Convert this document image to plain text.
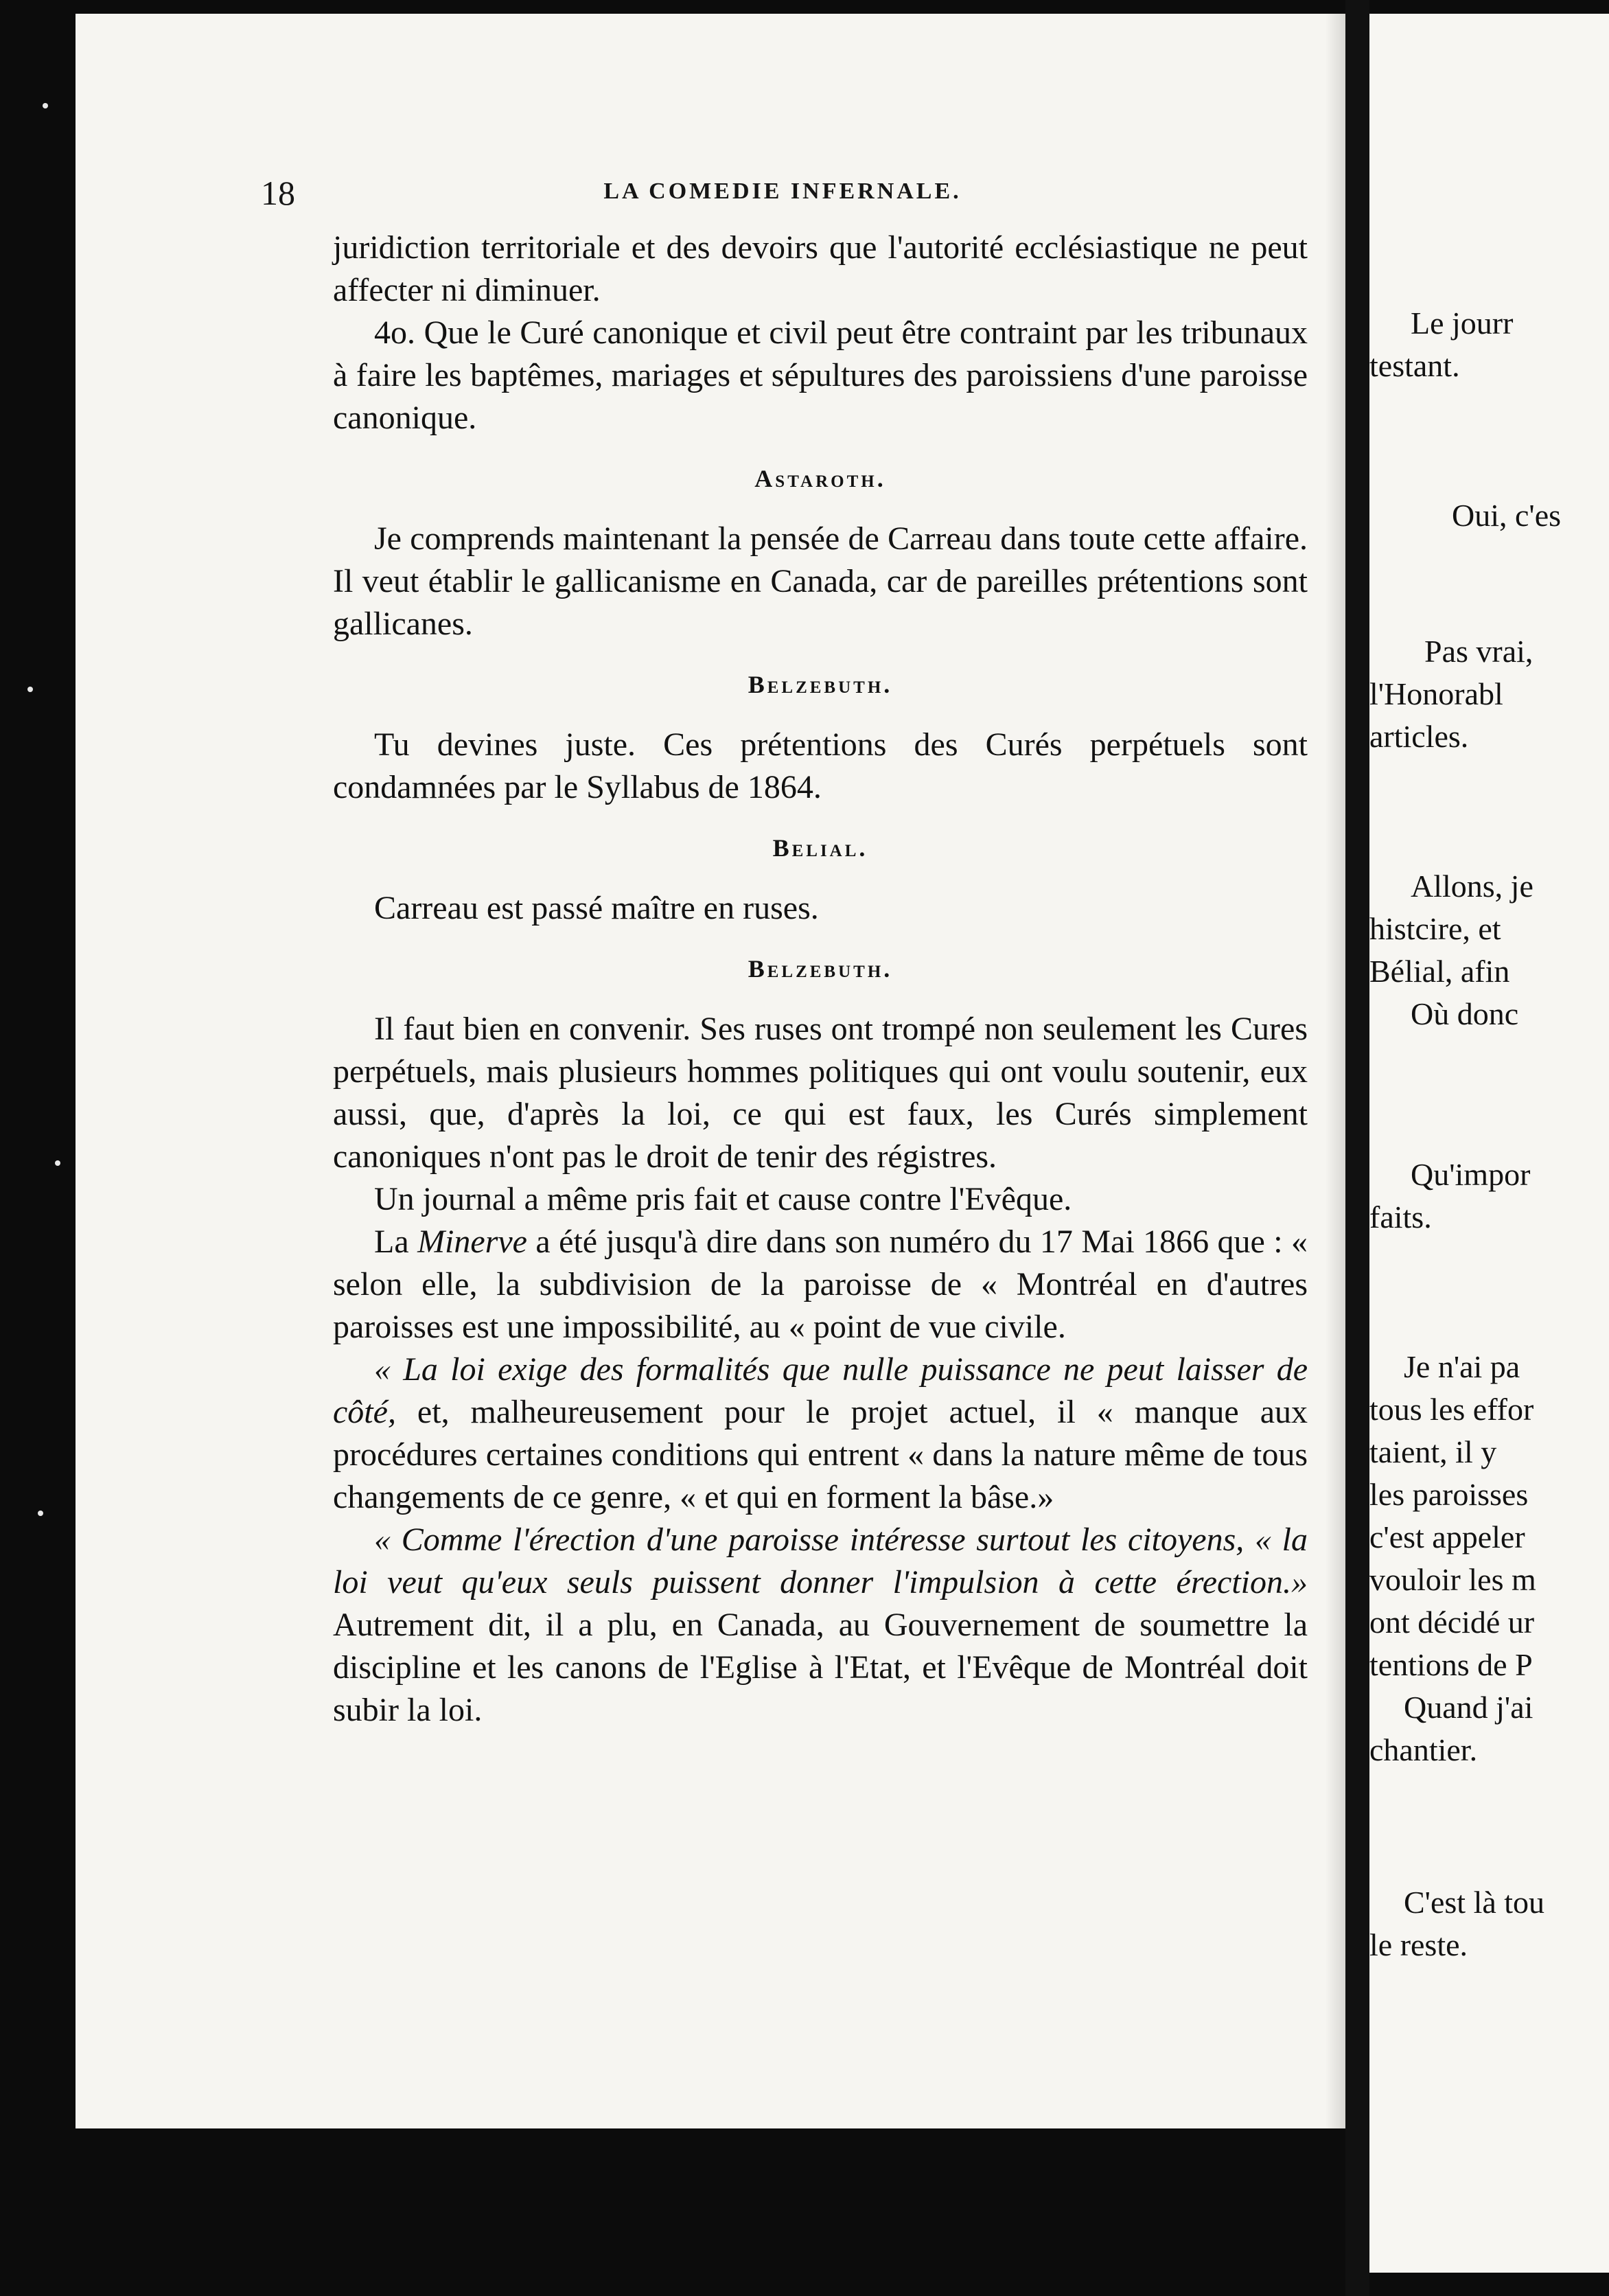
Le jourr
testant.
Oui, c'es
Pas vrai,
l'Honorabl
articles.
Allons, je
histcire, et
Bélial, afin
Où donc
Qu'impor
faits.
Je n'ai pa
tous les effor
taient, il y
les paroisses
c'est appeler
vouloir les m
ont décidé ur
tentions de P
Quand j'ai
chantier.
C'est là tou
le reste.
18	LA COMEDIE INFERNALE.

juridiction territoriale et des devoirs que l'autorité ecclésiastique ne peut affecter ni diminuer.

4o. Que le Curé canonique et civil peut être contraint par les tribunaux à faire les baptêmes, mariages et sépultures des paroissiens d'une paroisse canonique.

Astaroth.

Je comprends maintenant la pensée de Carreau dans toute cette affaire. Il veut établir le gallicanisme en Canada, car de pareilles prétentions sont gallicanes.

Belzebuth.

Tu devines juste. Ces prétentions des Curés perpétuels sont condamnées par le Syllabus de 1864.

Belial.

Carreau est passé maître en ruses.

Belzebuth.

Il faut bien en convenir. Ses ruses ont trompé non seulement les Cures perpétuels, mais plusieurs hommes politiques qui ont voulu soutenir, eux aussi, que, d'après la loi, ce qui est faux, les Curés simplement canoniques n'ont pas le droit de tenir des régistres.

Un journal a même pris fait et cause contre l'Evêque.

La Minerve a été jusqu'à dire dans son numéro du 17 Mai 1866 que : « selon elle, la subdivision de la paroisse de « Montréal en d'autres paroisses est une impossibilité, au « point de vue civile.

« La loi exige des formalités que nulle puissance ne peut laisser de côté, et, malheureusement pour le projet actuel, il « manque aux procédures certaines conditions qui entrent « dans la nature même de tous changements de ce genre, « et qui en forment la bâse.»

« Comme l'érection d'une paroisse intéresse surtout les citoyens, « la loi veut qu'eux seuls puissent donner l'impulsion à cette érection.» Autrement dit, il a plu, en Canada, au Gouvernement de soumettre la discipline et les canons de l'Eglise à l'Etat, et l'Evêque de Montréal doit subir la loi.
